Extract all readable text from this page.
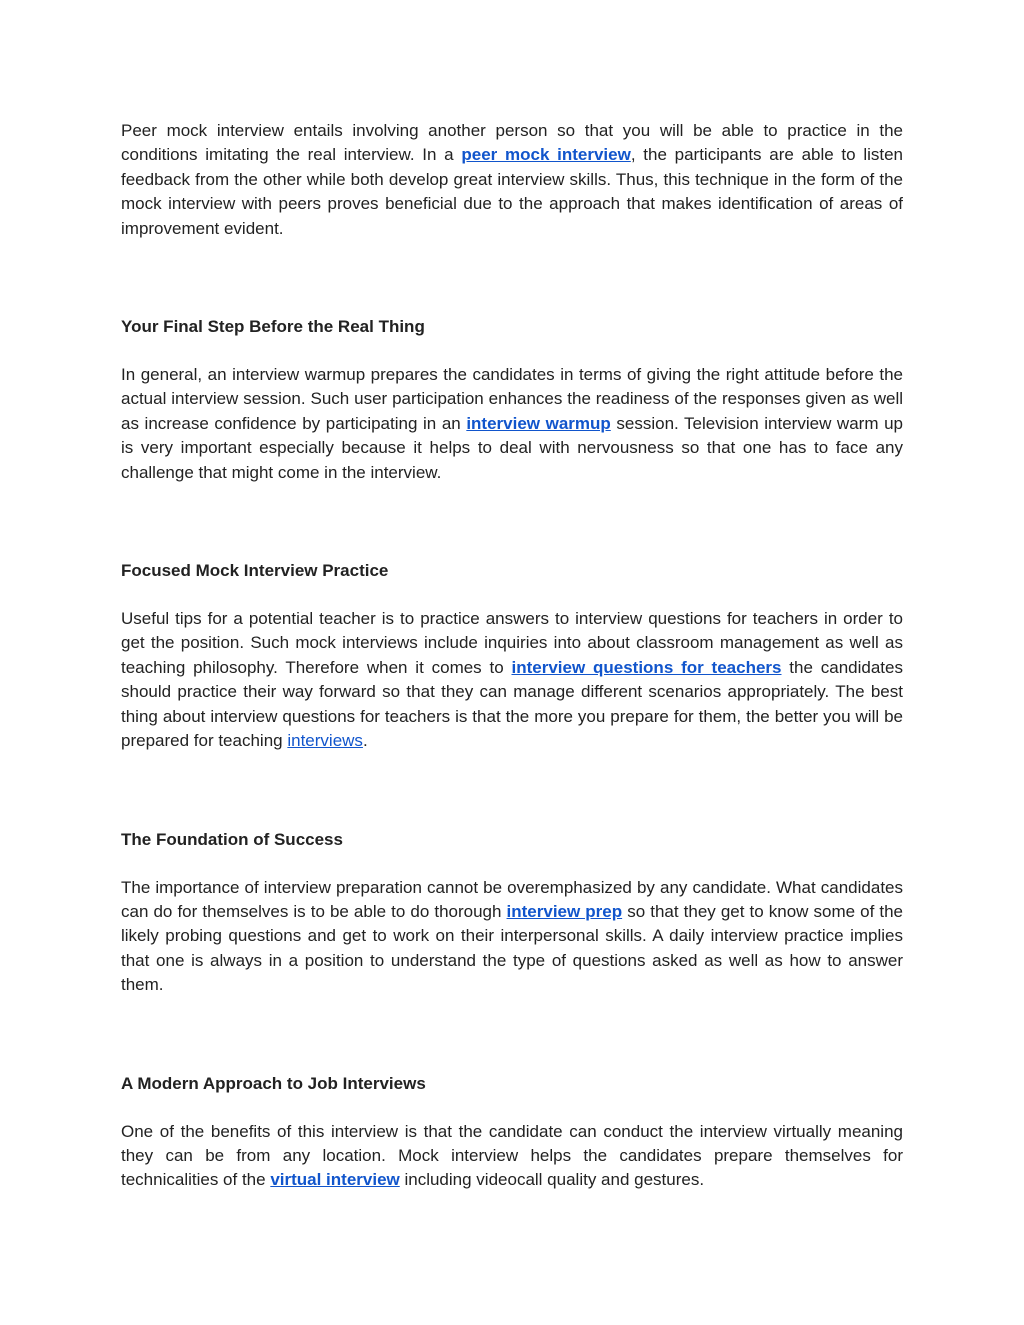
Peer mock interview entails involving another person so that you will be able to practice in the conditions imitating the real interview. In a peer mock interview, the participants are able to listen feedback from the other while both develop great interview skills. Thus, this technique in the form of the mock interview with peers proves beneficial due to the approach that makes identification of areas of improvement evident.

Your Final Step Before the Real Thing

In general, an interview warmup prepares the candidates in terms of giving the right attitude before the actual interview session. Such user participation enhances the readiness of the responses given as well as increase confidence by participating in an interview warmup session. Television interview warm up is very important especially because it helps to deal with nervousness so that one has to face any challenge that might come in the interview.

Focused Mock Interview Practice

Useful tips for a potential teacher is to practice answers to interview questions for teachers in order to get the position. Such mock interviews include inquiries into about classroom management as well as teaching philosophy. Therefore when it comes to interview questions for teachers the candidates should practice their way forward so that they can manage different scenarios appropriately. The best thing about interview questions for teachers is that the more you prepare for them, the better you will be prepared for teaching interviews.

The Foundation of Success

The importance of interview preparation cannot be overemphasized by any candidate. What candidates can do for themselves is to be able to do thorough interview prep so that they get to know some of the likely probing questions and get to work on their interpersonal skills. A daily interview practice implies that one is always in a position to understand the type of questions asked as well as how to answer them.

A Modern Approach to Job Interviews

One of the benefits of this interview is that the candidate can conduct the interview virtually meaning they can be from any location. Mock interview helps the candidates prepare themselves for technicalities of the virtual interview including videocall quality and gestures.
